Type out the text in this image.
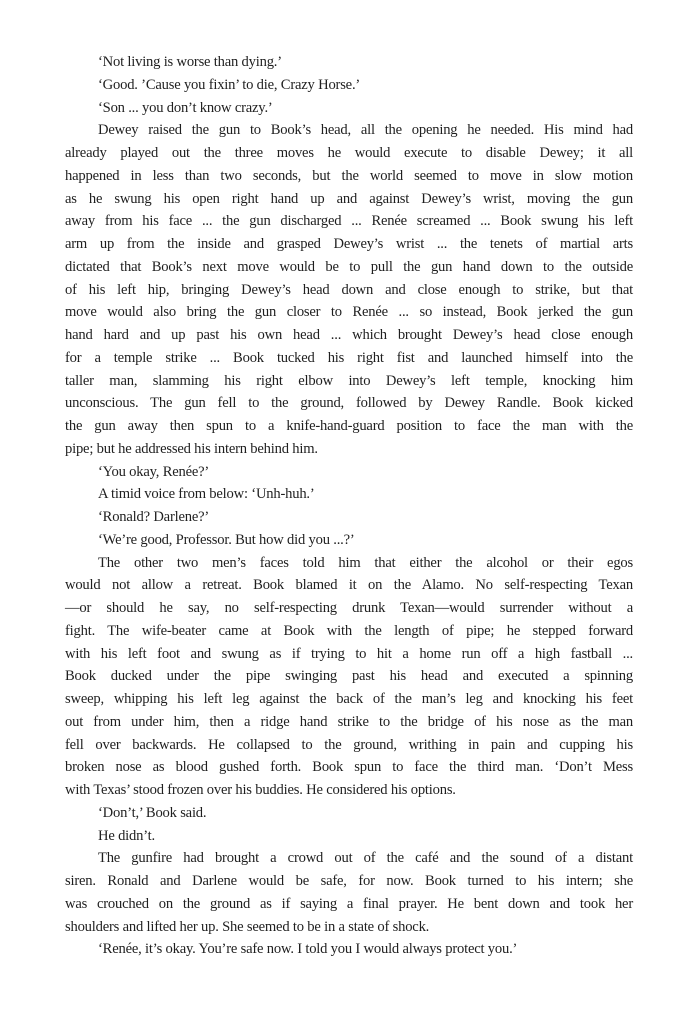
‘Not living is worse than dying.’
‘Good. ’Cause you fixin’ to die, Crazy Horse.’
‘Son ... you don’t know crazy.’
Dewey raised the gun to Book’s head, all the opening he needed. His mind had
already played out the three moves he would execute to disable Dewey; it all
happened in less than two seconds, but the world seemed to move in slow motion
as he swung his open right hand up and against Dewey’s wrist, moving the gun
away from his face ... the gun discharged ... Renée screamed ... Book swung his left
arm up from the inside and grasped Dewey’s wrist ... the tenets of martial arts
dictated that Book’s next move would be to pull the gun hand down to the outside
of his left hip, bringing Dewey’s head down and close enough to strike, but that
move would also bring the gun closer to Renée ... so instead, Book jerked the gun
hand hard and up past his own head ... which brought Dewey’s head close enough
for a temple strike ... Book tucked his right fist and launched himself into the
taller man, slamming his right elbow into Dewey’s left temple, knocking him
unconscious. The gun fell to the ground, followed by Dewey Randle. Book kicked
the gun away then spun to a knife-hand-guard position to face the man with the
pipe; but he addressed his intern behind him.
‘You okay, Renée?’
A timid voice from below: ‘Unh-huh.’
‘Ronald? Darlene?’
‘We’re good, Professor. But how did you ...?’
The other two men’s faces told him that either the alcohol or their egos
would not allow a retreat. Book blamed it on the Alamo. No self-respecting Texan
—or should he say, no self-respecting drunk Texan—would surrender without a
fight. The wife-beater came at Book with the length of pipe; he stepped forward
with his left foot and swung as if trying to hit a home run off a high fastball ...
Book ducked under the pipe swinging past his head and executed a spinning
sweep, whipping his left leg against the back of the man’s leg and knocking his feet
out from under him, then a ridge hand strike to the bridge of his nose as the man
fell over backwards. He collapsed to the ground, writhing in pain and cupping his
broken nose as blood gushed forth. Book spun to face the third man. ‘Don’t Mess
with Texas’ stood frozen over his buddies. He considered his options.
‘Don’t,’ Book said.
He didn’t.
The gunfire had brought a crowd out of the café and the sound of a distant
siren. Ronald and Darlene would be safe, for now. Book turned to his intern; she
was crouched on the ground as if saying a final prayer. He bent down and took her
shoulders and lifted her up. She seemed to be in a state of shock.
‘Renée, it’s okay. You’re safe now. I told you I would always protect you.’
